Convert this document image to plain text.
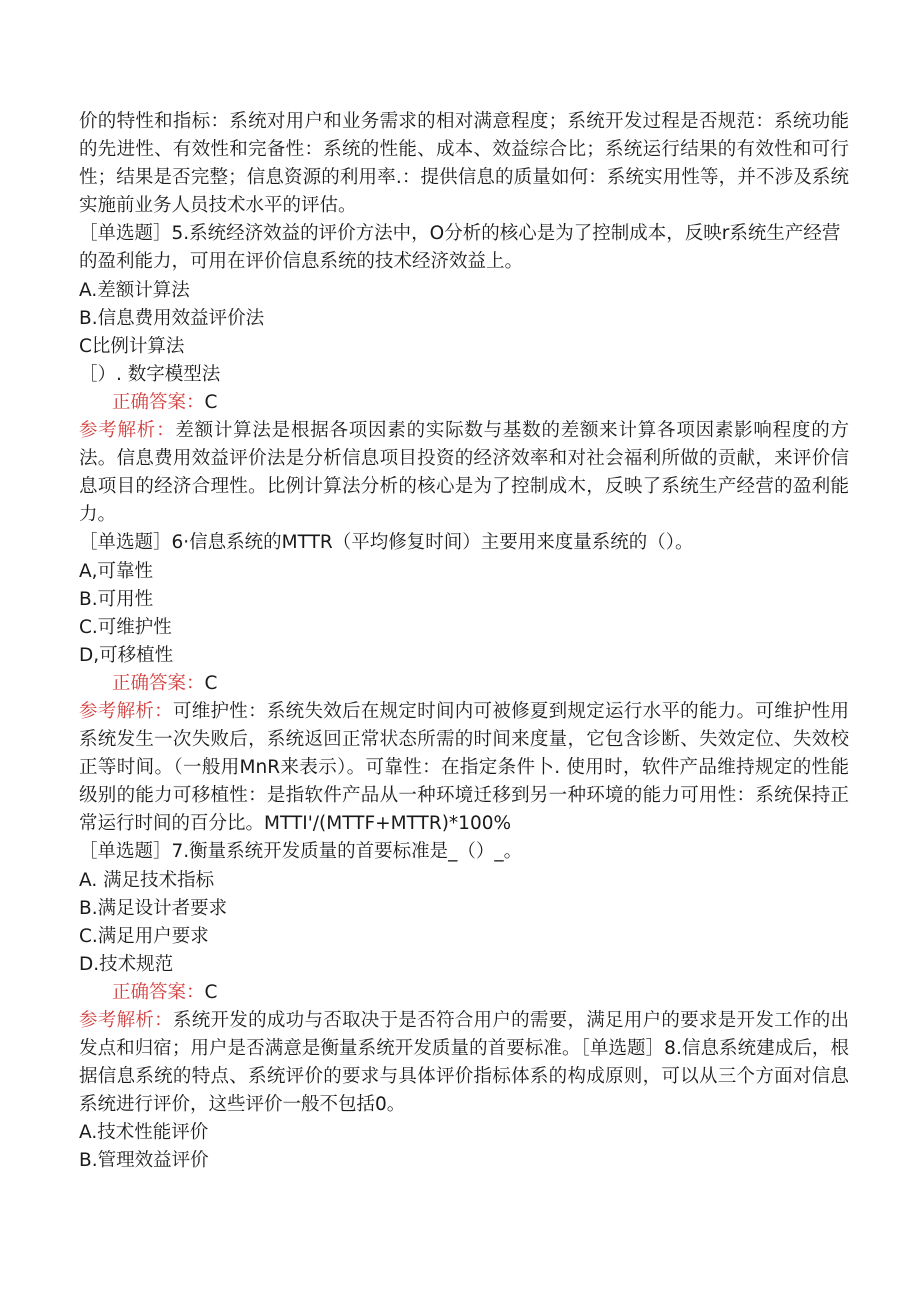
价的特性和指标：系统对用户和业务需求的相对满意程度；系统开发过程是否规范：系统功能的先进性、有效性和完备性：系统的性能、成本、效益综合比；系统运行结果的有效性和可行性；结果是否完整；信息资源的利用率.：提供信息的质量如何：系统实用性等，并不涉及系统实施前业务人员技术水平的评估。

［单选题］5.系统经济效益的评价方法中，O分析的核心是为了控制成本，反映r系统生产经营的盈利能力，可用在评价信息系统的技术经济效益上。

A.差额计算法

B.信息费用效益评价法

C比例计算法

［）. 数字模型法

正确答案：C

参考解析：差额计算法是根据各项因素的实际数与基数的差额来计算各项因素影响程度的方法。信息费用效益评价法是分析信息项目投资的经济效率和对社会福利所做的贡献，来评价信息项目的经济合理性。比例计算法分析的核心是为了控制成木，反映了系统生产经营的盈利能力。

［单选题］6·信息系统的MTTR（平均修复时间）主要用来度量系统的（）。

A,可靠性

B.可用性

C.可维护性

D,可移植性

正确答案：C

参考解析：可维护性：系统失效后在规定时间内可被修夏到规定运行水平的能力。可维护性用系统发生一次失败后，系统返回正常状态所需的时间来度量，它包含诊断、失效定位、失效校正等时间。（一般用MnR来表示）。可靠性：在指定条件卜. 使用时，软件产品维持规定的性能级别的能力可移植性：是指软件产品从一种环境迁移到另一种环境的能力可用性：系统保持正常运行时间的百分比。MTTI'/(MTTF+MTTR)*100%

［单选题］7.衡量系统开发质量的首要标准是_（）_。

A. 满足技术指标

B.满足设计者要求

C.满足用户要求

D.技术规范

正确答案：C

参考解析：系统开发的成功与否取决于是否符合用户的需要，满足用户的要求是开发工作的出发点和归宿；用户是否满意是衡量系统开发质量的首要标准。［单选题］8.信息系统建成后，根据信息系统的特点、系统评价的要求与具体评价指标体系的构成原则，可以从三个方面对信息系统进行评价，这些评价一般不包括0。

A.技术性能评价

B.管理效益评价
